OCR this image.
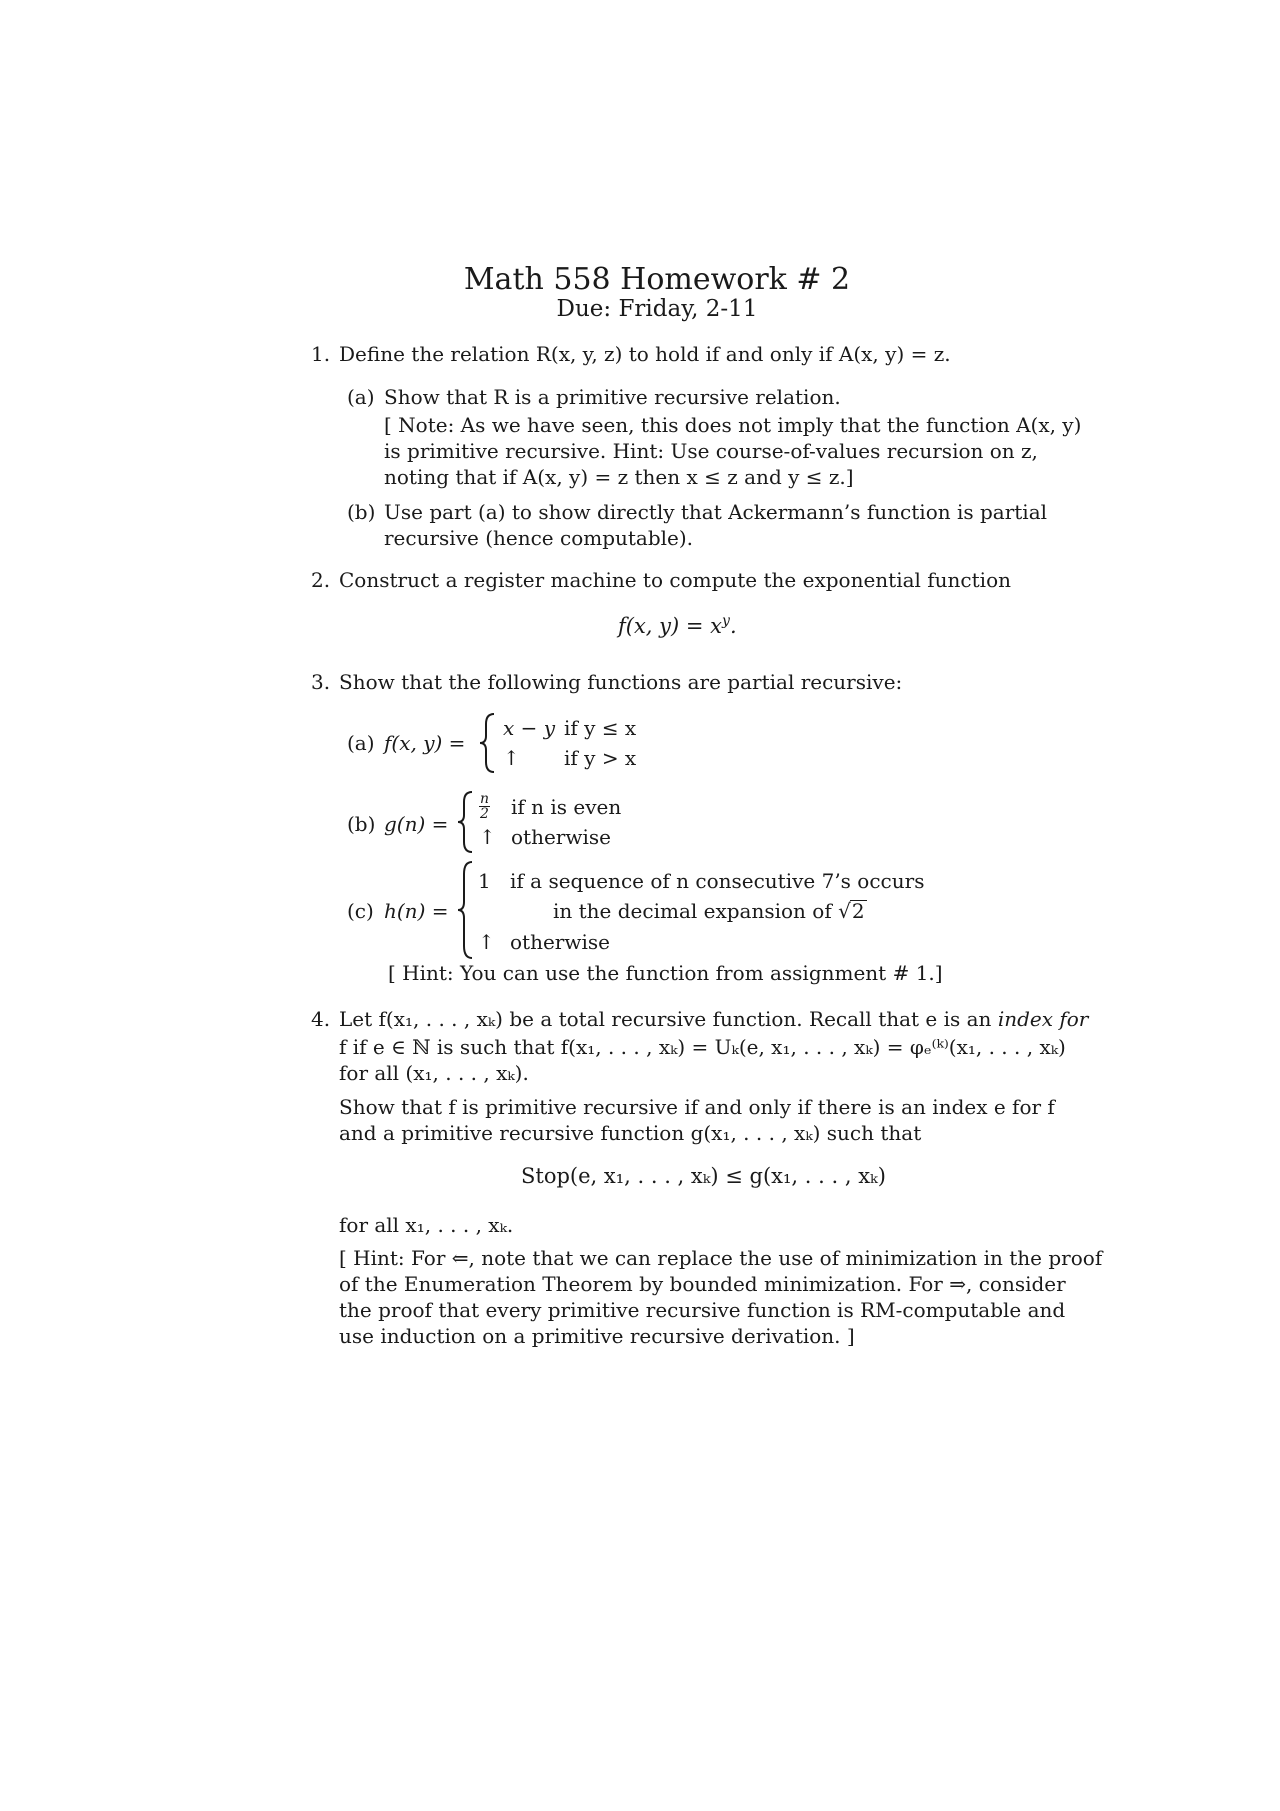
Math 558 Homework # 2
Due: Friday, 2-11
1. Define the relation R(x, y, z) to hold if and only if A(x, y) = z.
(a) Show that R is a primitive recursive relation.
[ Note: As we have seen, this does not imply that the function A(x, y)
is primitive recursive. Hint: Use course-of-values recursion on z,
noting that if A(x, y) = z then x ≤ z and y ≤ z.]
(b) Use part (a) to show directly that Ackermann’s function is partial
recursive (hence computable).
2. Construct a register machine to compute the exponential function
f(x, $y) = x^y$.
3. Show that the following functions are partial recursive:
(a) f(x, y) =
x − y if y ≤ x
↑ if y > x
(b) g(n) =
$\frac{n}{2}$ if n is even
↑ otherwise
(c) h(n) =
1 if a sequence of n consecutive 7’s occurs
in the decimal expansion of √2
↑ otherwise
[ Hint: You can use the function from assignment # 1.]
4. Let f(x₁, . . . , xₖ) be a total recursive function. Recall that e is an index for
f if e ∈ ℕ is such that f(x₁, . . . , xₖ) = Uₖ(e, x₁, . . . , xₖ) = φₑ⁽ᵏ⁾(x₁, . . . , xₖ)
for all (x₁, . . . , xₖ).
Show that f is primitive recursive if and only if there is an index e for f
and a primitive recursive function g(x₁, . . . , xₖ) such that
Stop(e, x₁, . . . , xₖ) ≤ g(x₁, . . . , xₖ)
for all x₁, . . . , xₖ.
[ Hint: For ⇐, note that we can replace the use of minimization in the proof
of the Enumeration Theorem by bounded minimization. For ⇒, consider
the proof that every primitive recursive function is RM-computable and
use induction on a primitive recursive derivation. ]
